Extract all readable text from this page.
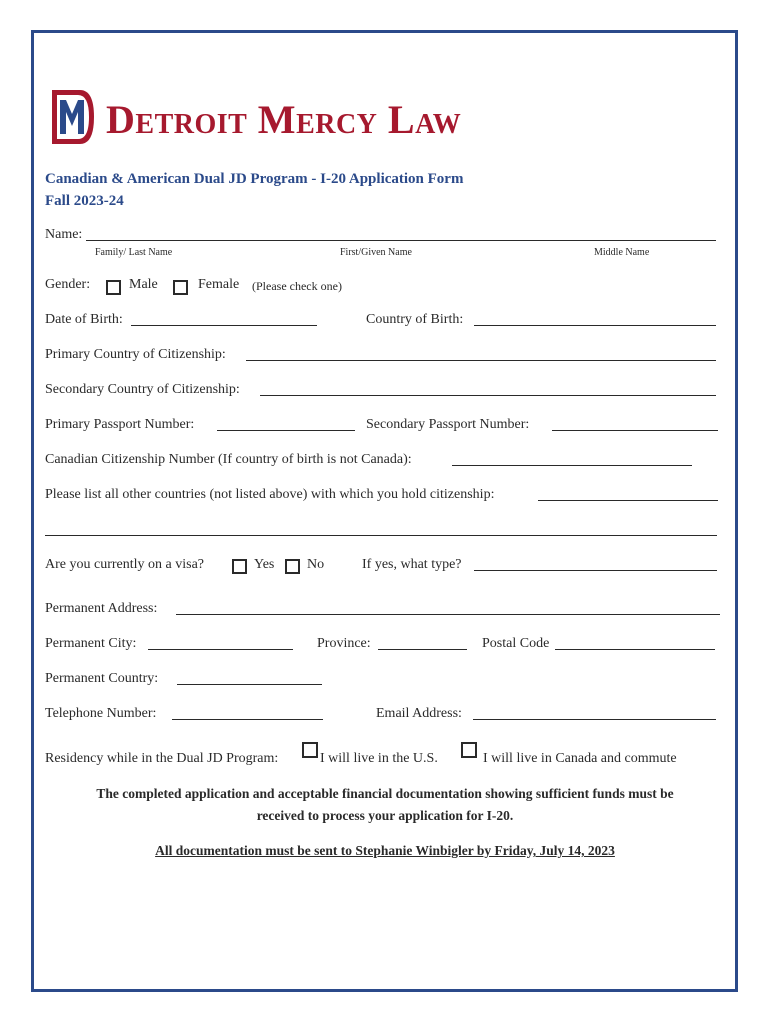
Detroit Mercy Law
Canadian & American Dual JD Program - I-20 Application Form
Fall 2023-24
Name:
Family/ Last Name	First/Given Name	Middle Name
Gender:	Male	Female (Please check one)
Date of Birth:	Country of Birth:
Primary Country of Citizenship:
Secondary Country of Citizenship:
Primary Passport Number:	Secondary Passport Number:
Canadian Citizenship Number (If country of birth is not Canada):
Please list all other countries (not listed above) with which you hold citizenship:
Are you currently on a visa?	Yes No	If yes, what type?
Permanent Address:
Permanent City:	Province:	Postal Code
Permanent Country:
Telephone Number:	Email Address:
Residency while in the Dual JD Program:	I will live in the U.S.	I will live in Canada and commute
The completed application and acceptable financial documentation showing sufficient funds must be
received to process your application for I-20.
All documentation must be sent to Stephanie Winbigler by Friday, July 14, 2023
